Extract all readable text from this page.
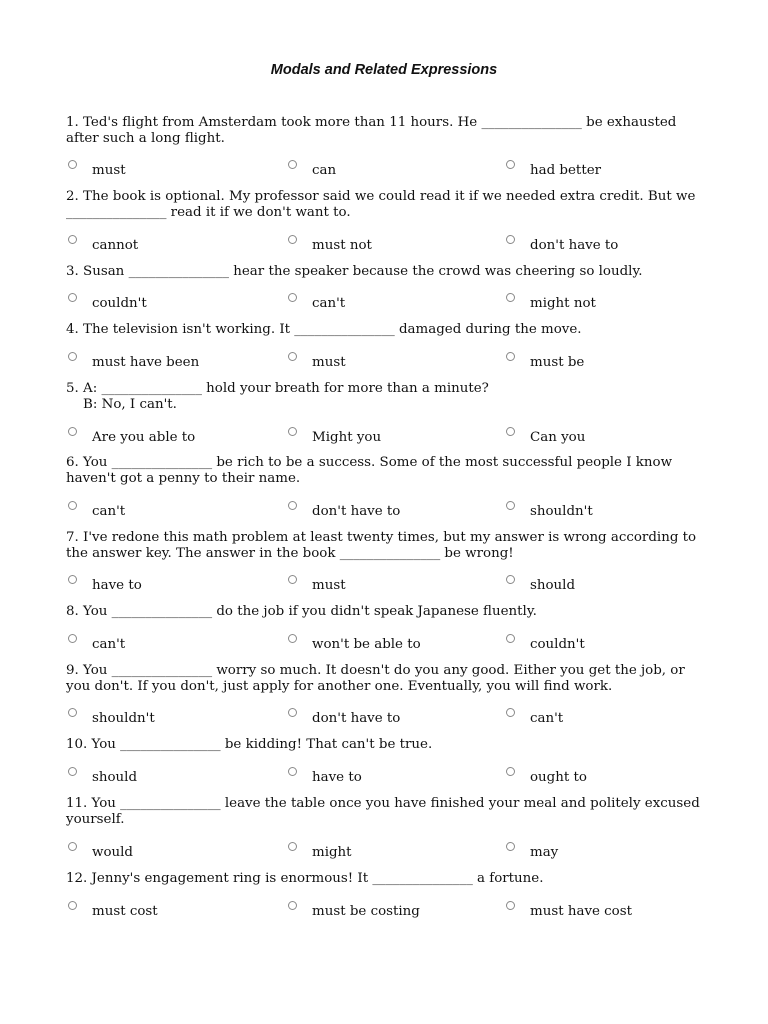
Modals and Related Expressions
1. Ted's flight from Amsterdam took more than 11 hours. He _______________ be exhausted after such a long flight.
must	can	had better
2. The book is optional. My professor said we could read it if we needed extra credit. But we _______________ read it if we don't want to.
cannot	must not	don't have to
3. Susan _______________ hear the speaker because the crowd was cheering so loudly.
couldn't	can't	might not
4. The television isn't working. It _______________ damaged during the move.
must have been	must	must be
5. A: _______________ hold your breath for more than a minute?
B: No, I can't.
Are you able to	Might you	Can you
6. You _______________ be rich to be a success. Some of the most successful people I know haven't got a penny to their name.
can't	don't have to	shouldn't
7. I've redone this math problem at least twenty times, but my answer is wrong according to the answer key. The answer in the book _______________ be wrong!
have to	must	should
8. You _______________ do the job if you didn't speak Japanese fluently.
can't	won't be able to	couldn't
9. You _______________ worry so much. It doesn't do you any good. Either you get the job, or you don't. If you don't, just apply for another one. Eventually, you will find work.
shouldn't	don't have to	can't
10. You _______________ be kidding! That can't be true.
should	have to	ought to
11. You _______________ leave the table once you have finished your meal and politely excused yourself.
would	might	may
12. Jenny's engagement ring is enormous! It _______________ a fortune.
must cost	must be costing	must have cost
